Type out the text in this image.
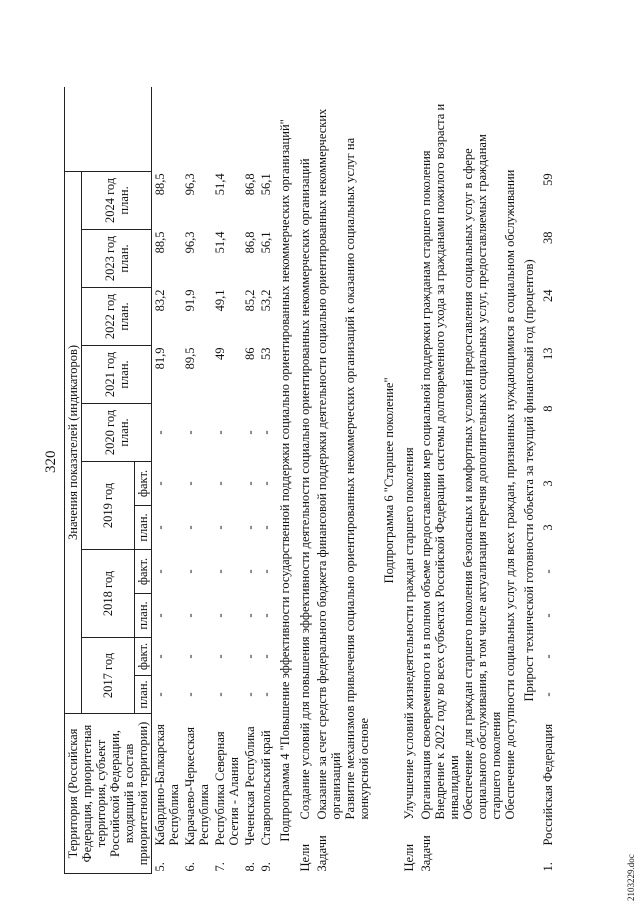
320
Территория (Российская Федерация, приоритетная территория, субъект Российской Федерации, входящий в состав приоритетной территории)	Значения показателей (индикаторов)											
	2017 год		2018 год		2019 год		2020 год план.	2021 год план.	2022 год план.	2023 год план.	2024 год план.	
	план.	факт.	план.	факт.	план.	факт.						
5.Кабардино-Балкарская Республика	-	-	-	-	-	-	-	81,9	83,2	88,5	88,5	
6.Карачаево-Черкесская Республика	-	-	-	-	-	-	-	89,5	91,9	96,3	96,3	
7.Республика Северная Осетия - Алания	-	-	-	-	-	-	-	49	49,1	51,4	51,4	
8.Чеченская Республика	-	-	-	-	-	-	-	86	85,2	86,8	86,8	
9.Ставропольский край	-	-	-	-	-	-	-	53	53,2	56,1	56,1	
Подпрограмма 4 "Повышение эффективности государственной поддержки социально ориентированных некоммерческих организаций"												
ЦелиСоздание условий для повышения эффективности деятельности социально ориентированных некоммерческих организаций												
Задачи
Оказание за счет средств федерального бюджета финансовой поддержки деятельности социально ориентированных некоммерческих организаций Развитие механизмов привлечения социально ориентированных некоммерческих организаций к оказанию социальных услуг на конкурсной основе												

Подпрограмма 6 "Старшее поколение"												
ЦелиУлучшение условий жизнедеятельности граждан старшего поколения												
Задачи
Организация своевременного и в полном объеме предоставления мер социальной поддержки гражданам старшего поколения Внедрение к 2022 году во всех субъектах Российской Федерации системы долговременного ухода за гражданами пожилого возраста и инвалидами Обеспечение для граждан старшего поколения безопасных и комфортных условий предоставления социальных услуг в сфере социального обслуживания, в том числе актуализация перечня дополнительных социальных услуг, предоставляемых гражданам старшего поколения Обеспечение доступности социальных услуг для всех граждан, признанных нуждающимися в социальном обслуживании												

Прирост технической готовности объекта за текущий финансовый год (процентов)												
1.Российская Федерация	-	-	-	-	3	3	8	13	24	38	59	
2103229.doc
